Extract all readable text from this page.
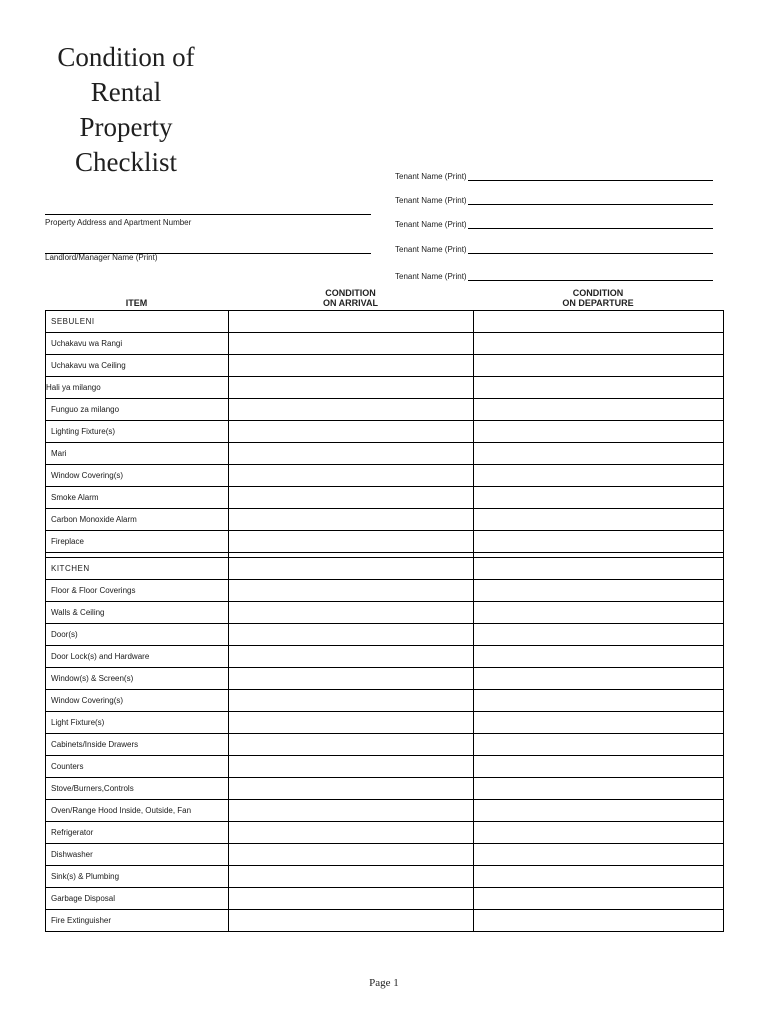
Condition of
Rental
Property
Checklist
Property Address and Apartment Number
Landlord/Manager Name (Print)
Tenant Name (Print)
Tenant Name (Print)
Tenant Name (Print)
Tenant Name (Print)
Tenant Name (Print)
ITEM
CONDITION
ON ARRIVAL
CONDITION
ON DEPARTURE
SEBULENI		
Uchakavu wa Rangi		
Uchakavu wa Ceiling		
Hali ya milango		
Funguo za milango		
Lighting Fixture(s)		
Mari		
Window Covering(s)		
Smoke Alarm		
Carbon Monoxide Alarm		
Fireplace		

KITCHEN		
Floor & Floor Coverings		
Walls & Ceiling		
Door(s)		
Door Lock(s) and Hardware		
Window(s) & Screen(s)		
Window Covering(s)		
Light Fixture(s)		
Cabinets/Inside Drawers		
Counters		
Stove/Burners,Controls		
Oven/Range Hood Inside, Outside, Fan		
Refrigerator		
Dishwasher		
Sink(s) & Plumbing		
Garbage Disposal		
Fire Extinguisher		
Page 1
